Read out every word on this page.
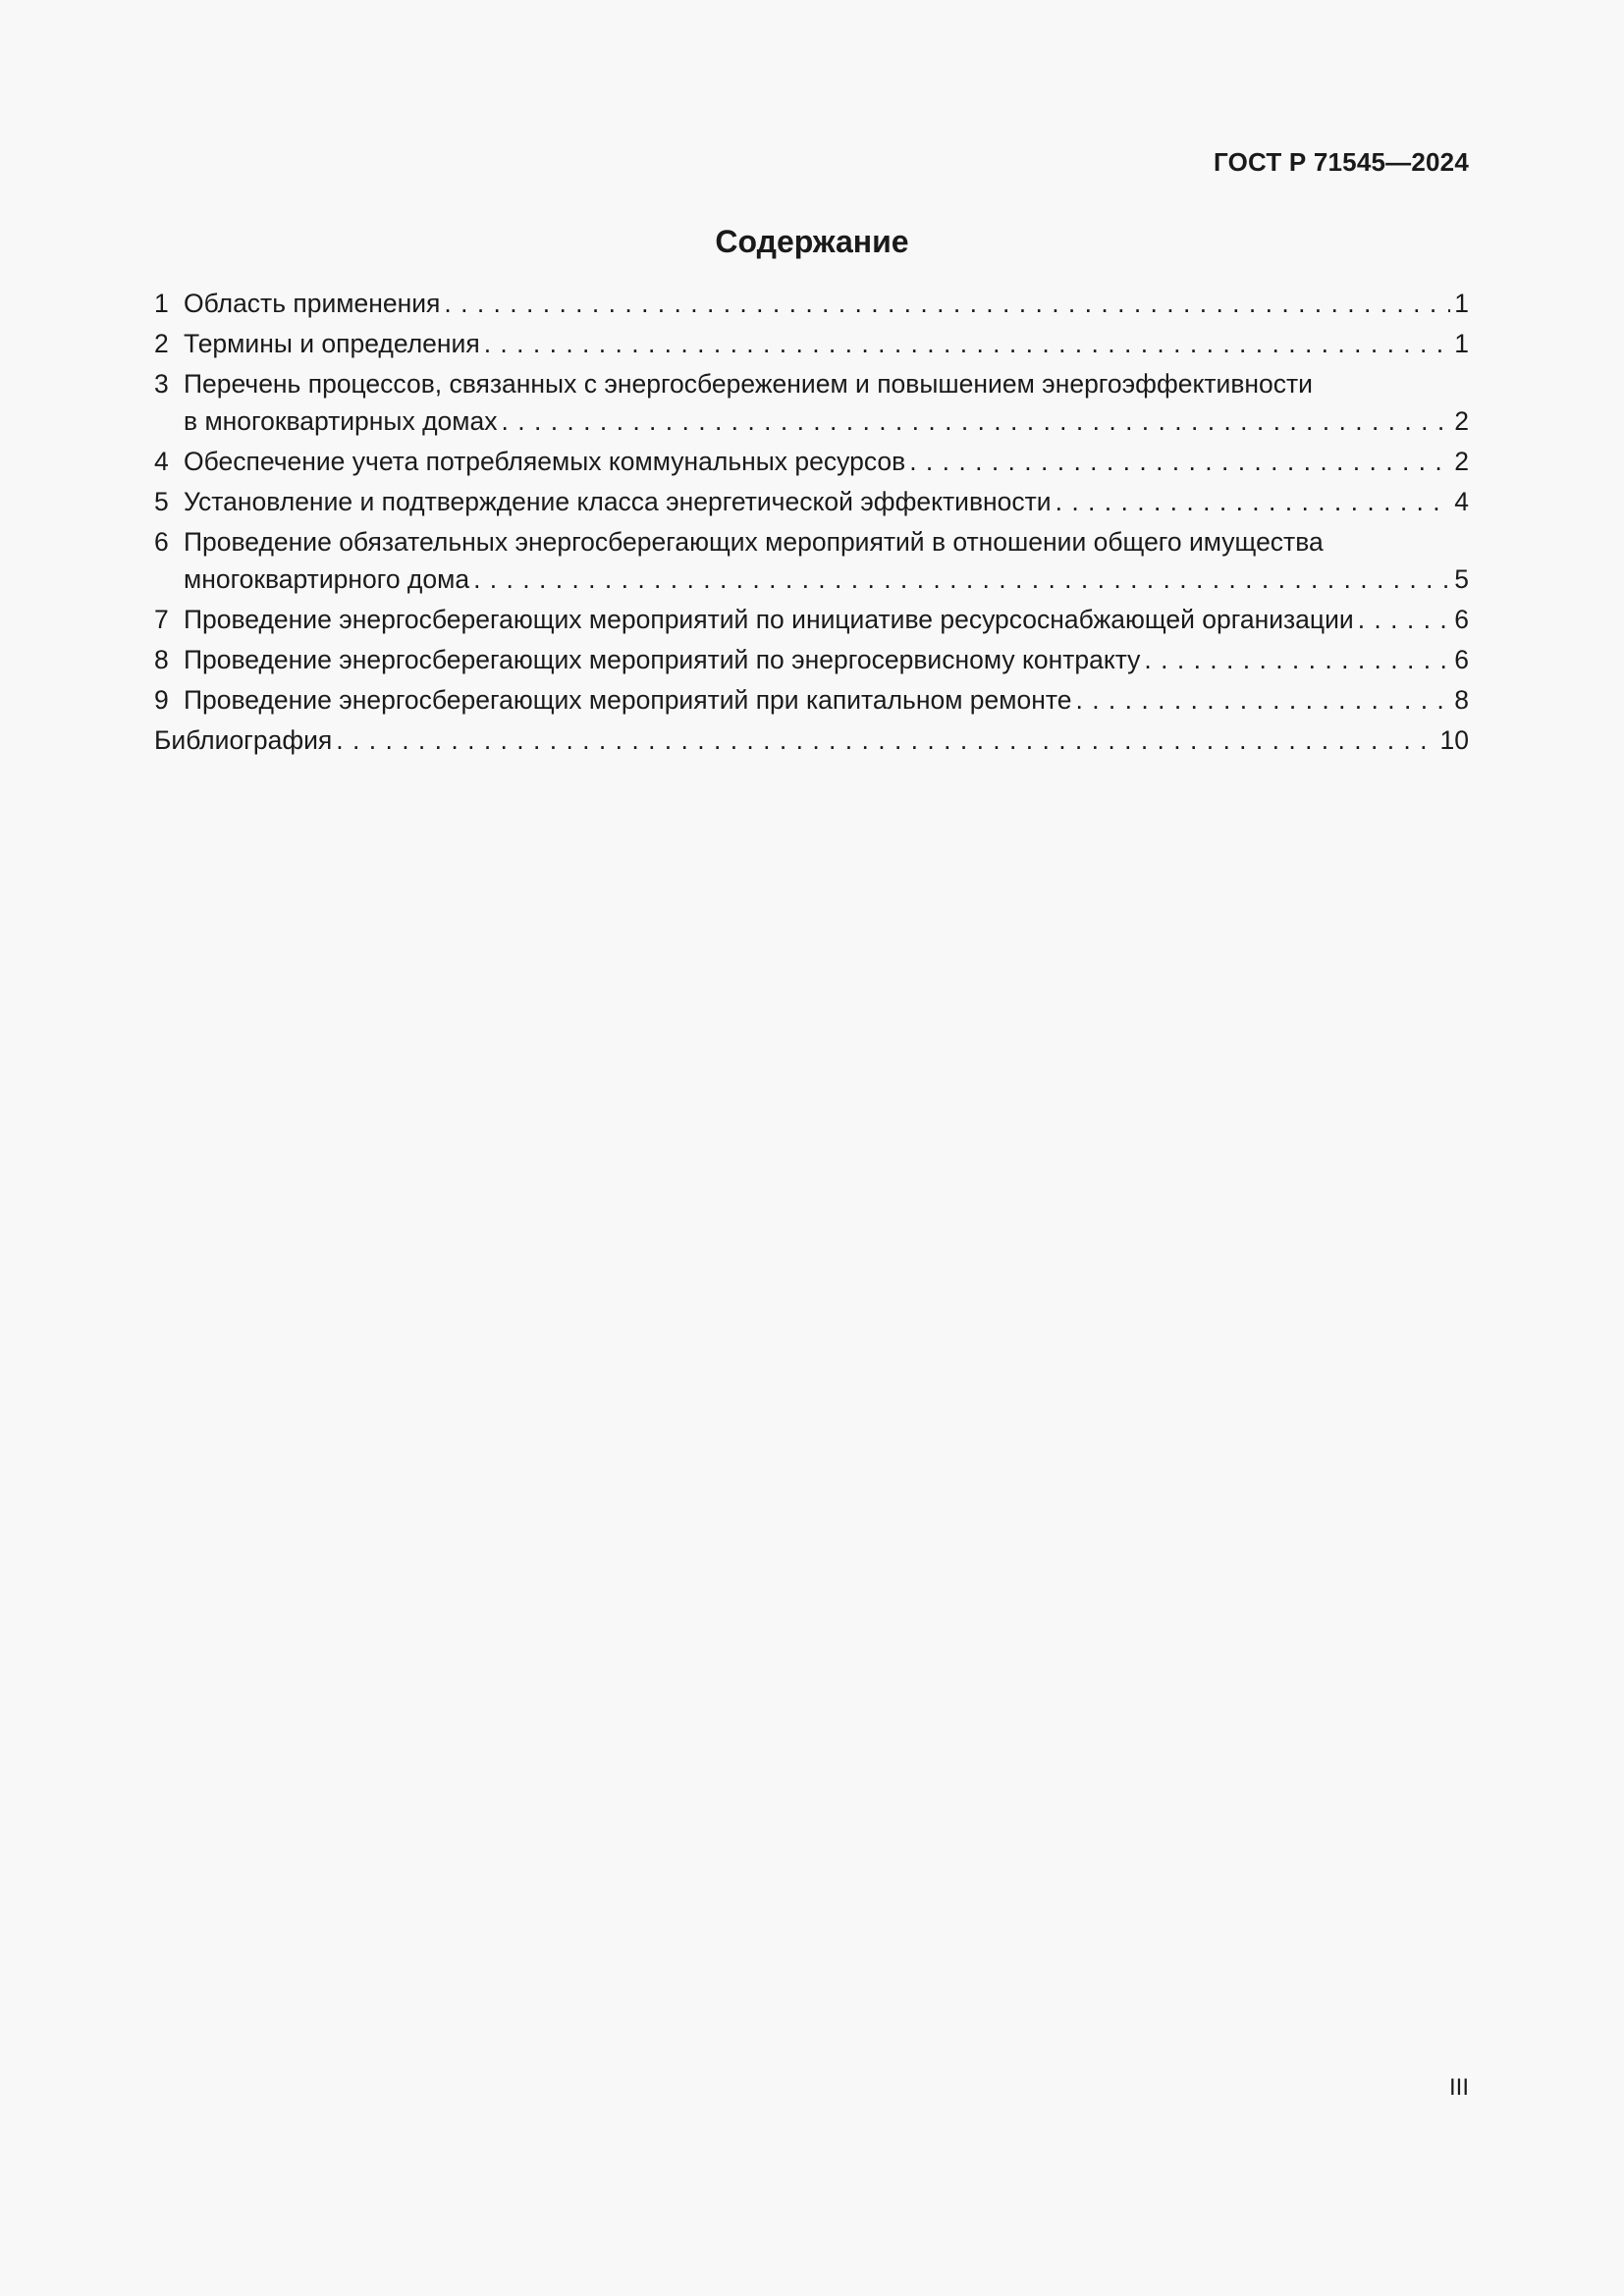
ГОСТ Р 71545—2024
Содержание
1 Область применения . . .	1
2 Термины и определения . . .	1
3 Перечень процессов, связанных с энергосбережением и повышением энергоэффективности
в многоквартирных домах . . .	2
4 Обеспечение учета потребляемых коммунальных ресурсов . . .	2
5 Установление и подтверждение класса энергетической эффективности . . .	4
6 Проведение обязательных энергосберегающих мероприятий в отношении общего имущества
многоквартирного дома . . .	5
7 Проведение энергосберегающих мероприятий по инициативе ресурсоснабжающей организации . . .	6
8 Проведение энергосберегающих мероприятий по энергосервисному контракту . . .	6
9 Проведение энергосберегающих мероприятий при капитальном ремонте . . .	8
Библиография . . .	10
III
